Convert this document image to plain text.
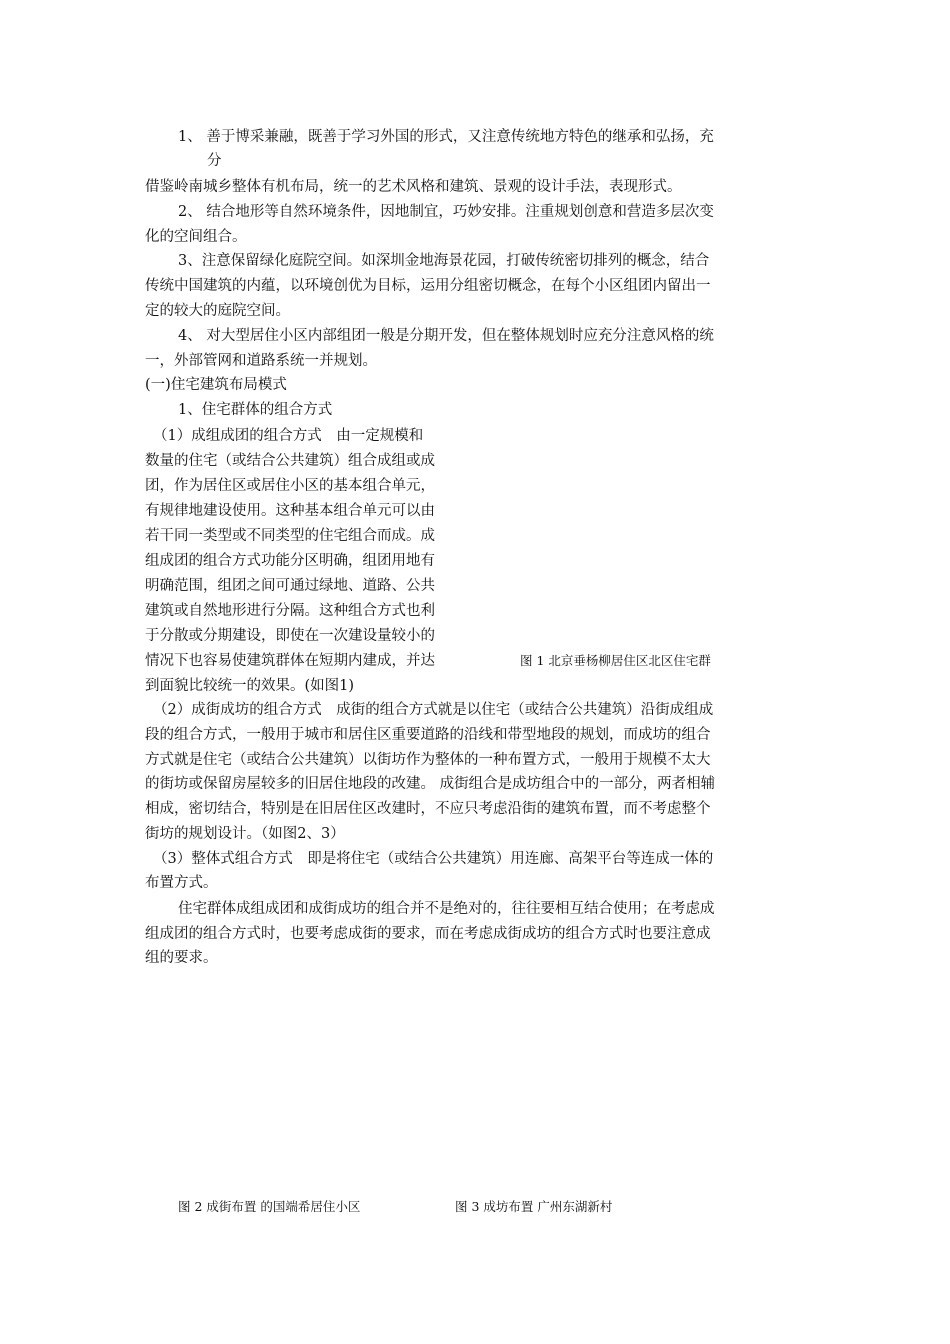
1、 善于博采兼融，既善于学习外国的形式，又注意传统地方特色的继承和弘扬，充
分
借鉴岭南城乡整体有机布局，统一的艺术风格和建筑、景观的设计手法，表现形式。
2、 结合地形等自然环境条件，因地制宜，巧妙安排。注重规划创意和营造多层次变
化的空间组合。
3、注意保留绿化庭院空间。如深圳金地海景花园，打破传统密切排列的概念，结合
传统中国建筑的内蕴，以环境创优为目标，运用分组密切概念，在每个小区组团内留出一
定的较大的庭院空间。
4、 对大型居住小区内部组团一般是分期开发，但在整体规划时应充分注意风格的统
一，外部管网和道路系统一并规划。
(一)住宅建筑布局模式
1、住宅群体的组合方式
（1）成组成团的组合方式　由一定规模和
数量的住宅（或结合公共建筑）组合成组或成
团，作为居住区或居住小区的基本组合单元，
有规律地建设使用。这种基本组合单元可以由
若干同一类型或不同类型的住宅组合而成。成
组成团的组合方式功能分区明确，组团用地有
明确范围，组团之间可通过绿地、道路、公共
建筑或自然地形进行分隔。这种组合方式也利
于分散或分期建设，即使在一次建设量较小的
情况下也容易使建筑群体在短期内建成，并达
到面貌比较统一的效果。(如图1)
（2）成街成坊的组合方式　成街的组合方式就是以住宅（或结合公共建筑）沿街成组成
段的组合方式，一般用于城市和居住区重要道路的沿线和带型地段的规划，而成坊的组合
方式就是住宅（或结合公共建筑）以街坊作为整体的一种布置方式，一般用于规模不太大
的街坊或保留房屋较多的旧居住地段的改建。 成街组合是成坊组合中的一部分，两者相辅
相成，密切结合，特别是在旧居住区改建时，不应只考虑沿街的建筑布置，而不考虑整个
街坊的规划设计。（如图2、3）
（3）整体式组合方式　即是将住宅（或结合公共建筑）用连廊、高架平台等连成一体的
布置方式。
住宅群体成组成团和成街成坊的组合并不是绝对的，往往要相互结合使用；在考虑成
组成团的组合方式时，也要考虑成街的要求，而在考虑成街成坊的组合方式时也要注意成
组的要求。
图 1 北京垂杨柳居住区北区住宅群
图 2 成街布置 的国端希居住小区	图 3 成坊布置 广州东湖新村
